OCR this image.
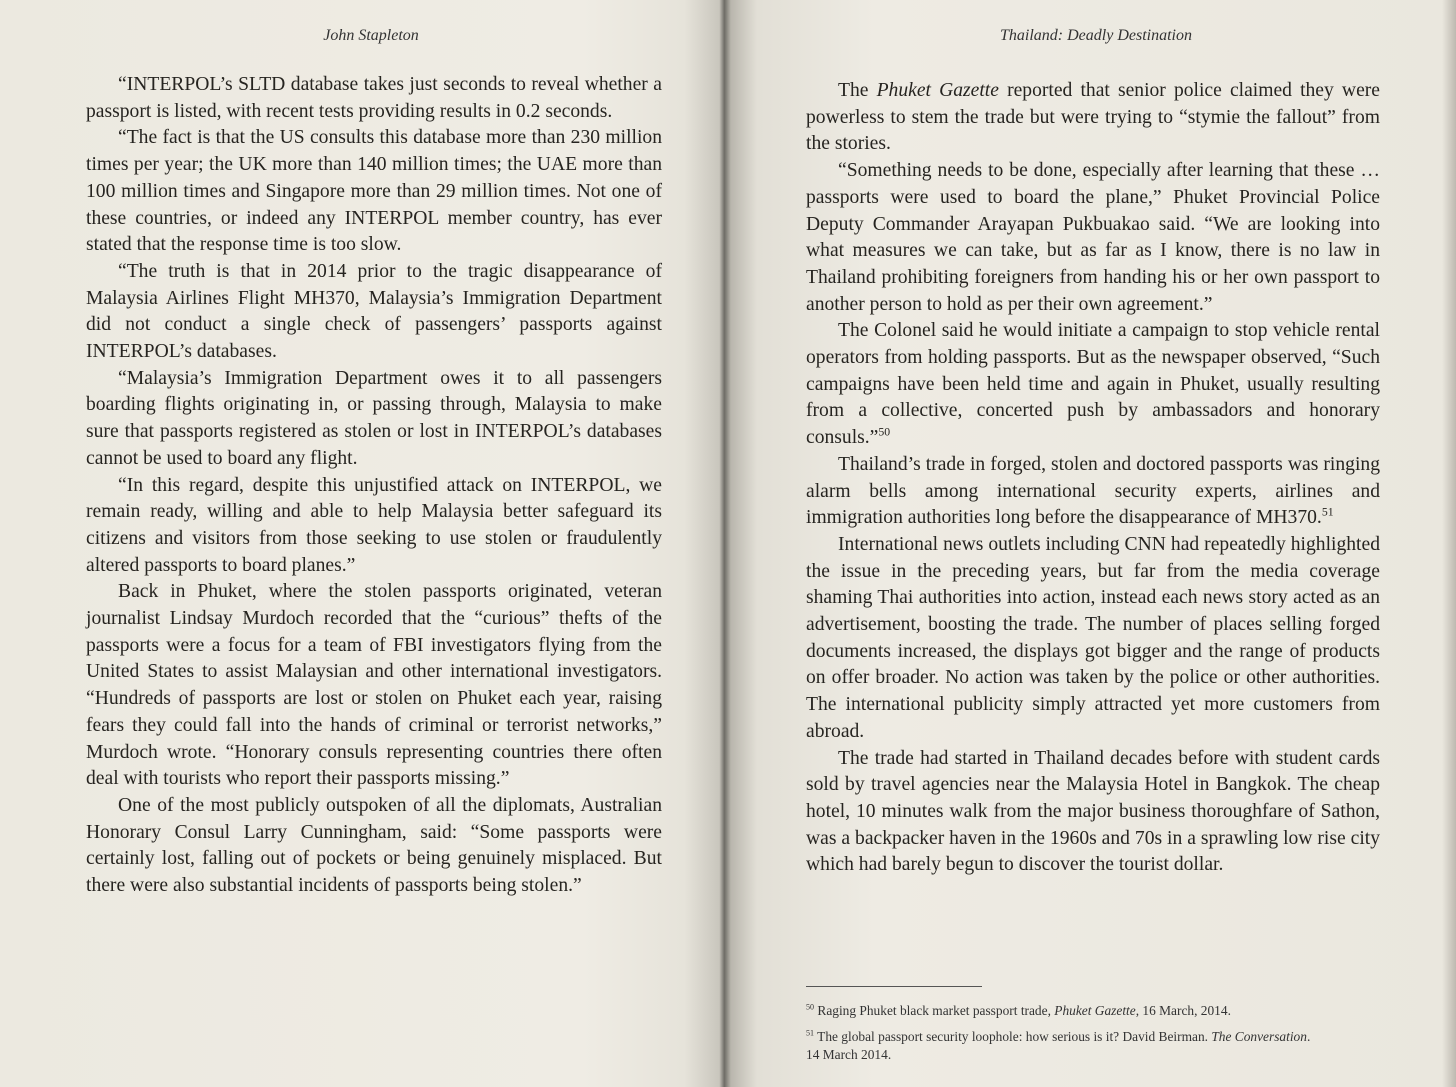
John Stapleton

“INTERPOL’s SLTD database takes just seconds to reveal whether a passport is listed, with recent tests providing results in 0.2 seconds.

“The fact is that the US consults this database more than 230 million times per year; the UK more than 140 million times; the UAE more than 100 million times and Singapore more than 29 million times. Not one of these countries, or indeed any INTERPOL member country, has ever stated that the response time is too slow.

“The truth is that in 2014 prior to the tragic disappearance of Malaysia Airlines Flight MH370, Malaysia’s Immigration Department did not conduct a single check of passengers’ passports against INTERPOL’s databases.

“Malaysia’s Immigration Department owes it to all passengers boarding flights originating in, or passing through, Malaysia to make sure that passports registered as stolen or lost in INTERPOL’s databases cannot be used to board any flight.

“In this regard, despite this unjustified attack on INTERPOL, we remain ready, willing and able to help Malaysia better safeguard its citizens and visitors from those seeking to use stolen or fraudulently altered passports to board planes.”

Back in Phuket, where the stolen passports originated, veteran journalist Lindsay Murdoch recorded that the “curious” thefts of the passports were a focus for a team of FBI investigators flying from the United States to assist Malaysian and other international investigators. “Hundreds of passports are lost or stolen on Phuket each year, raising fears they could fall into the hands of criminal or terrorist networks,” Murdoch wrote. “Honorary consuls representing countries there often deal with tourists who report their passports missing.”

One of the most publicly outspoken of all the diplomats, Australian Honorary Consul Larry Cunningham, said: “Some passports were certainly lost, falling out of pockets or being genuinely misplaced. But there were also substantial incidents of passports being stolen.”

Thailand: Deadly Destination

The Phuket Gazette reported that senior police claimed they were powerless to stem the trade but were trying to “stymie the fallout” from the stories.

“Something needs to be done, especially after learning that these … passports were used to board the plane,” Phuket Provincial Police Deputy Commander Arayapan Pukbuakao said. “We are looking into what measures we can take, but as far as I know, there is no law in Thailand prohibiting foreigners from handing his or her own passport to another person to hold as per their own agreement.”

The Colonel said he would initiate a campaign to stop vehicle rental operators from holding passports. But as the newspaper observed, “Such campaigns have been held time and again in Phuket, usually resulting from a collective, concerted push by ambassadors and honorary consuls.”$^{50}$

Thailand’s trade in forged, stolen and doctored passports was ringing alarm bells among international security experts, airlines and immigration authorities long before the disappearance of MH370.51

International news outlets including CNN had repeatedly highlighted the issue in the preceding years, but far from the media coverage shaming Thai authorities into action, instead each news story acted as an advertisement, boosting the trade. The number of places selling forged documents increased, the displays got bigger and the range of products on offer broader. No action was taken by the police or other authorities. The international publicity simply attracted yet more customers from abroad.

The trade had started in Thailand decades before with student cards sold by travel agencies near the Malaysia Hotel in Bangkok. The cheap hotel, 10 minutes walk from the major business thoroughfare of Sathon, was a backpacker haven in the 1960s and 70s in a sprawling low rise city which had barely begun to discover the tourist dollar.

$^{50}$ Raging Phuket black market passport trade, Phuket Gazette, 16 March, 2014.

$^{51}$ The global passport security loophole: how serious is it? David Beirman. The Conversation. 14 March 2014.
